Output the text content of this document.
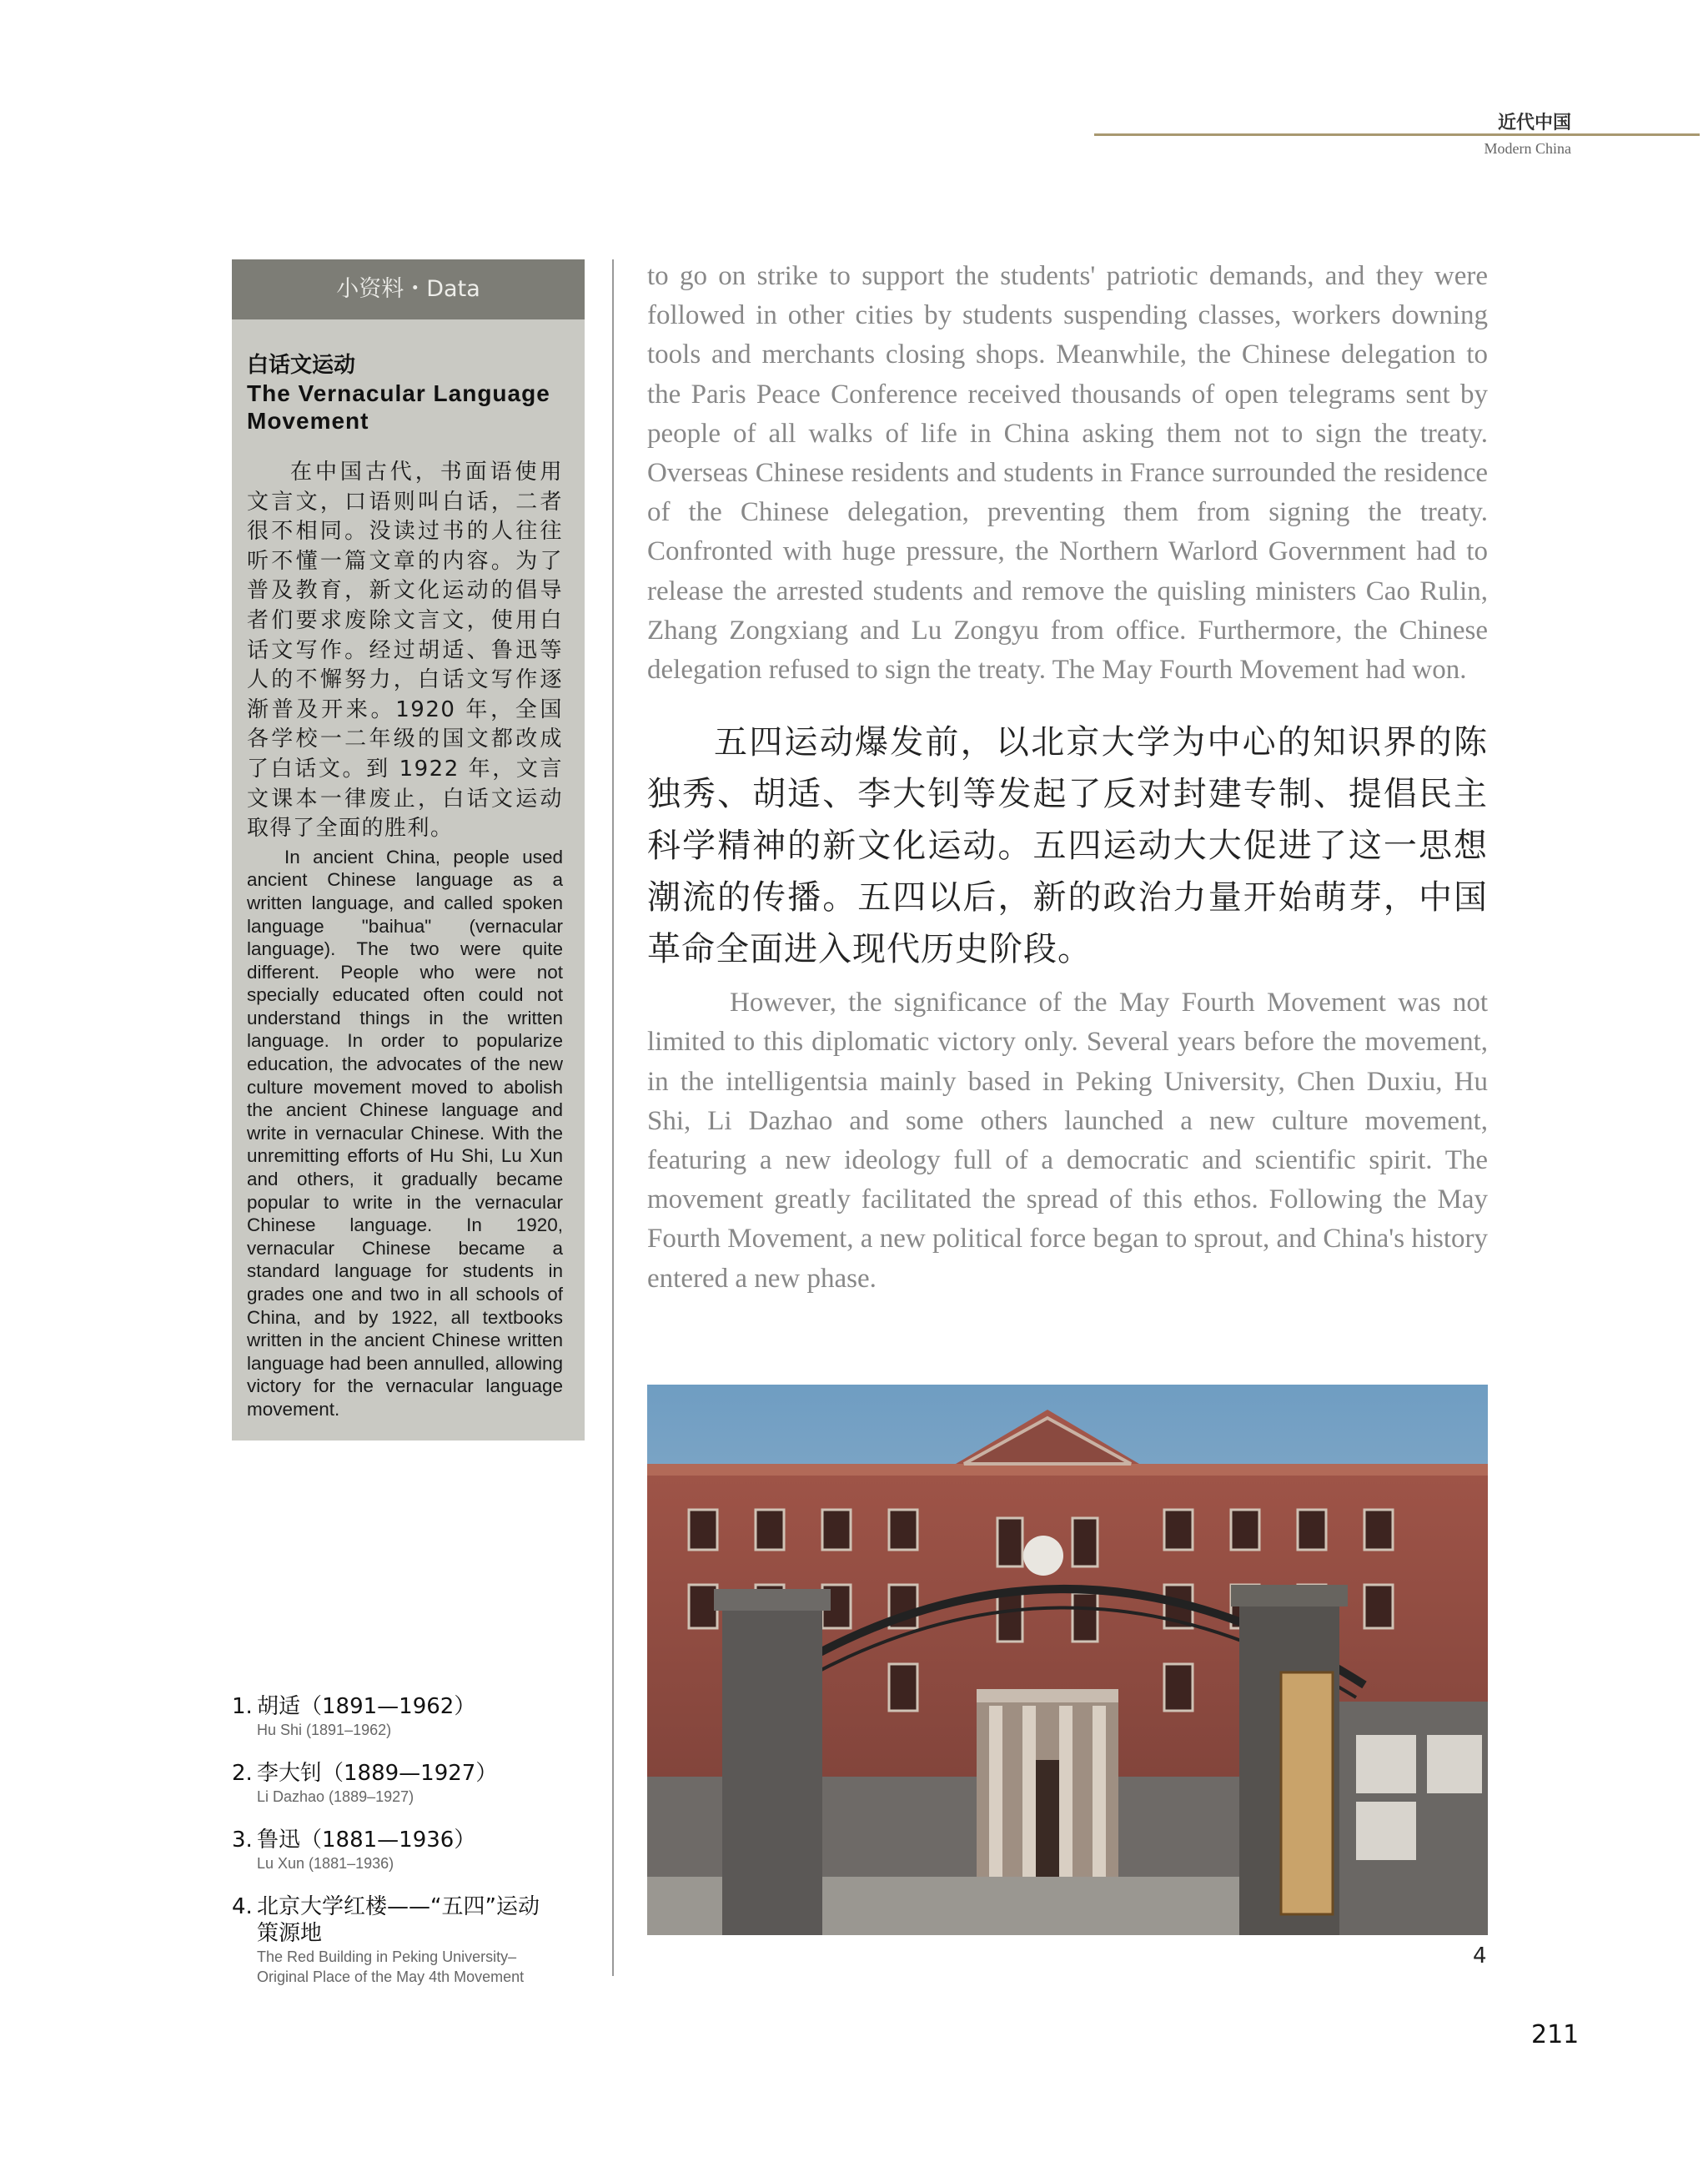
近代中国
Modern China
小资料・Data
白话文运动
The Vernacular Language Movement
在中国古代，书面语使用文言文，口语则叫白话，二者很不相同。没读过书的人往往听不懂一篇文章的内容。为了普及教育，新文化运动的倡导者们要求废除文言文，使用白话文写作。经过胡适、鲁迅等人的不懈努力，白话文写作逐渐普及开来。1920 年，全国各学校一二年级的国文都改成了白话文。到 1922 年，文言文课本一律废止，白话文运动取得了全面的胜利。
In ancient China, people used ancient Chinese language as a written language, and called spoken language "baihua" (vernacular language). The two were quite different. People who were not specially educated often could not understand things in the written language. In order to popularize education, the advocates of the new culture movement moved to abolish the ancient Chinese language and write in vernacular Chinese. With the unremitting efforts of Hu Shi, Lu Xun and others, it gradually became popular to write in the vernacular Chinese language. In 1920, vernacular Chinese became a standard language for students in grades one and two in all schools of China, and by 1922, all textbooks written in the ancient Chinese written language had been annulled, allowing victory for the vernacular language movement.

to go on strike to support the students' patriotic demands, and they were followed in other cities by students suspending classes, workers downing tools and merchants closing shops. Meanwhile, the Chinese delegation to the Paris Peace Conference received thousands of open telegrams sent by people of all walks of life in China asking them not to sign the treaty. Overseas Chinese residents and students in France surrounded the residence of the Chinese delegation, preventing them from signing the treaty. Confronted with huge pressure, the Northern Warlord Government had to release the arrested students and remove the quisling ministers Cao Rulin, Zhang Zongxiang and Lu Zongyu from office. Furthermore, the Chinese delegation refused to sign the treaty. The May Fourth Movement had won.

五四运动爆发前，以北京大学为中心的知识界的陈独秀、胡适、李大钊等发起了反对封建专制、提倡民主科学精神的新文化运动。五四运动大大促进了这一思想潮流的传播。五四以后，新的政治力量开始萌芽，中国革命全面进入现代历史阶段。

However, the significance of the May Fourth Movement was not limited to this diplomatic victory only. Several years before the movement, in the intelligentsia mainly based in Peking University, Chen Duxiu, Hu Shi, Li Dazhao and some others launched a new culture movement, featuring a new ideology full of a democratic and scientific spirit. The movement greatly facilitated the spread of this ethos. Following the May Fourth Movement, a new political force began to sprout, and China's history entered a new phase.

4
1. 胡适（1891—1962）
Hu Shi (1891–1962)
2. 李大钊（1889—1927）
Li Dazhao (1889–1927)
3. 鲁迅（1881—1936）
Lu Xun (1881–1936)
4. 北京大学红楼——“五四”运动
策源地
The Red Building in Peking University–
Original Place of the May 4th Movement
211
